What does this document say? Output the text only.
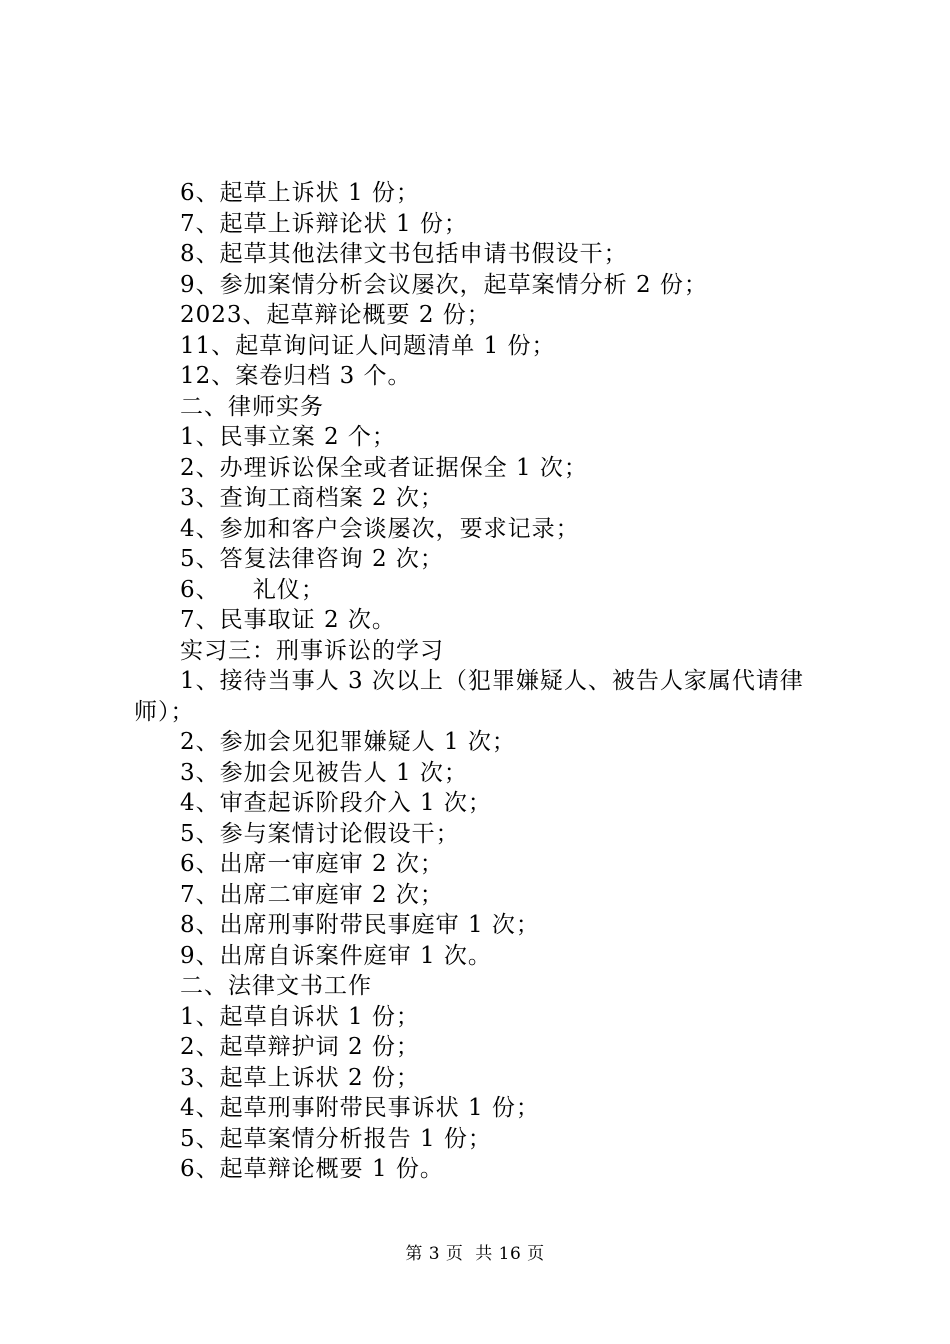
6、起草上诉状 1 份；
7、起草上诉辩论状 1 份；
8、起草其他法律文书包括申请书假设干；
9、参加案情分析会议屡次，起草案情分析 2 份；
2023、起草辩论概要 2 份；
11、起草询问证人问题清单 1 份；
12、案卷归档 3 个。
二、律师实务
1、民事立案 2 个；
2、办理诉讼保全或者证据保全 1 次；
3、查询工商档案 2 次；
4、参加和客户会谈屡次，要求记录；
5、答复法律咨询 2 次；
6、    礼仪；
7、民事取证 2 次。
实习三：刑事诉讼的学习
1、接待当事人 3 次以上（犯罪嫌疑人、被告人家属代请律
师）；
2、参加会见犯罪嫌疑人 1 次；
3、参加会见被告人 1 次；
4、审查起诉阶段介入 1 次；
5、参与案情讨论假设干；
6、出席一审庭审 2 次；
7、出席二审庭审 2 次；
8、出席刑事附带民事庭审 1 次；
9、出席自诉案件庭审 1 次。
二、法律文书工作
1、起草自诉状 1 份；
2、起草辩护词 2 份；
3、起草上诉状 2 份；
4、起草刑事附带民事诉状 1 份；
5、起草案情分析报告 1 份；
6、起草辩论概要 1 份。
第 3 页  共 16 页
